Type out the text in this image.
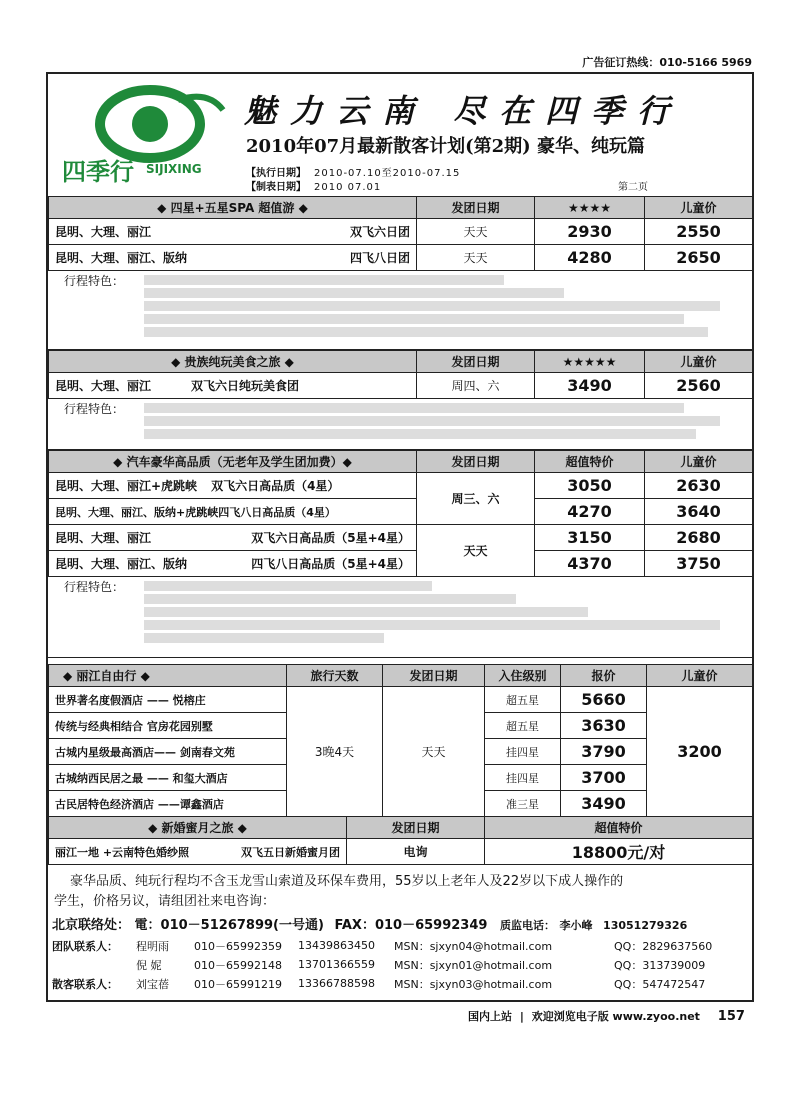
广告征订热线：010-5166 5969
四季行 SIJIXING
魅力云南 尽在四季行
2010年07月最新散客计划(第2期) 豪华、纯玩篇
【执行日期】 2010-07.10至2010-07.15
【制表日期】 2010 07.01	第二页
◆ 四星+五星SPA 超值游 ◆	发团日期	★★★★	儿童价
昆明、大理、丽江 双飞六日团	天天	2930	2550
昆明、大理、丽江、版纳 四飞八日团	天天	4280	2650
行程特色：
◆ 贵族纯玩美食之旅 ◆	发团日期	★★★★★	儿童价
昆明、大理、丽江 双飞六日纯玩美食团	周四、六	3490	2560
行程特色：
◆ 汽车豪华高品质（无老年及学生团加费）◆	发团日期	超值特价	儿童价
昆明、大理、丽江+虎跳峡 双飞六日高品质（4星）	周三、六	3050	2630
昆明、大理、丽江、版纳+虎跳峡四飞八日高品质（4星）		4270	3640
昆明、大理、丽江 双飞六日高品质（5星+4星）	天天	3150	2680
昆明、大理、丽江、版纳 四飞八日高品质（5星+4星）		4370	3750
行程特色：
◆ 丽江自由行 ◆	旅行天数	发团日期	入住级别	报价	儿童价
世界著名度假酒店 —— 悦榕庄	3晚4天	天天	超五星	5660	3200
传统与经典相结合 官房花园别墅			超五星	3630	
古城内星级最高酒店—— 剑南春文苑			挂四星	3790	
古城纳西民居之最 —— 和玺大酒店			挂四星	3700	
古民居特色经济酒店 ——谭鑫酒店			准三星	3490	
◆ 新婚蜜月之旅 ◆	发团日期	超值特价
丽江一地 +云南特色婚纱照 双飞五日新婚蜜月团	电询	18800元/对
豪华品质、纯玩行程均不含玉龙雪山索道及环保车费用，55岁以上老年人及22岁以下成人操作的
学生，价格另议，请组团社来电咨询：
北京联络处： 電：010－51267899(一号通) FAX：010－65992349 质监电话： 李小峰 13051279326
团队联系人：	程明雨	010－65992359	13439863450	MSN：sjxyn04@hotmail.com	QQ：2829637560
	倪 妮	010－65992148	13701366559	MSN：sjxyn01@hotmail.com	QQ：313739009
散客联系人：	刘宝蓓	010－65991219	13366788598	MSN：sjxyn03@hotmail.com	QQ：547472547
国内上站 | 欢迎浏览电子版 www.zyoo.net 157
